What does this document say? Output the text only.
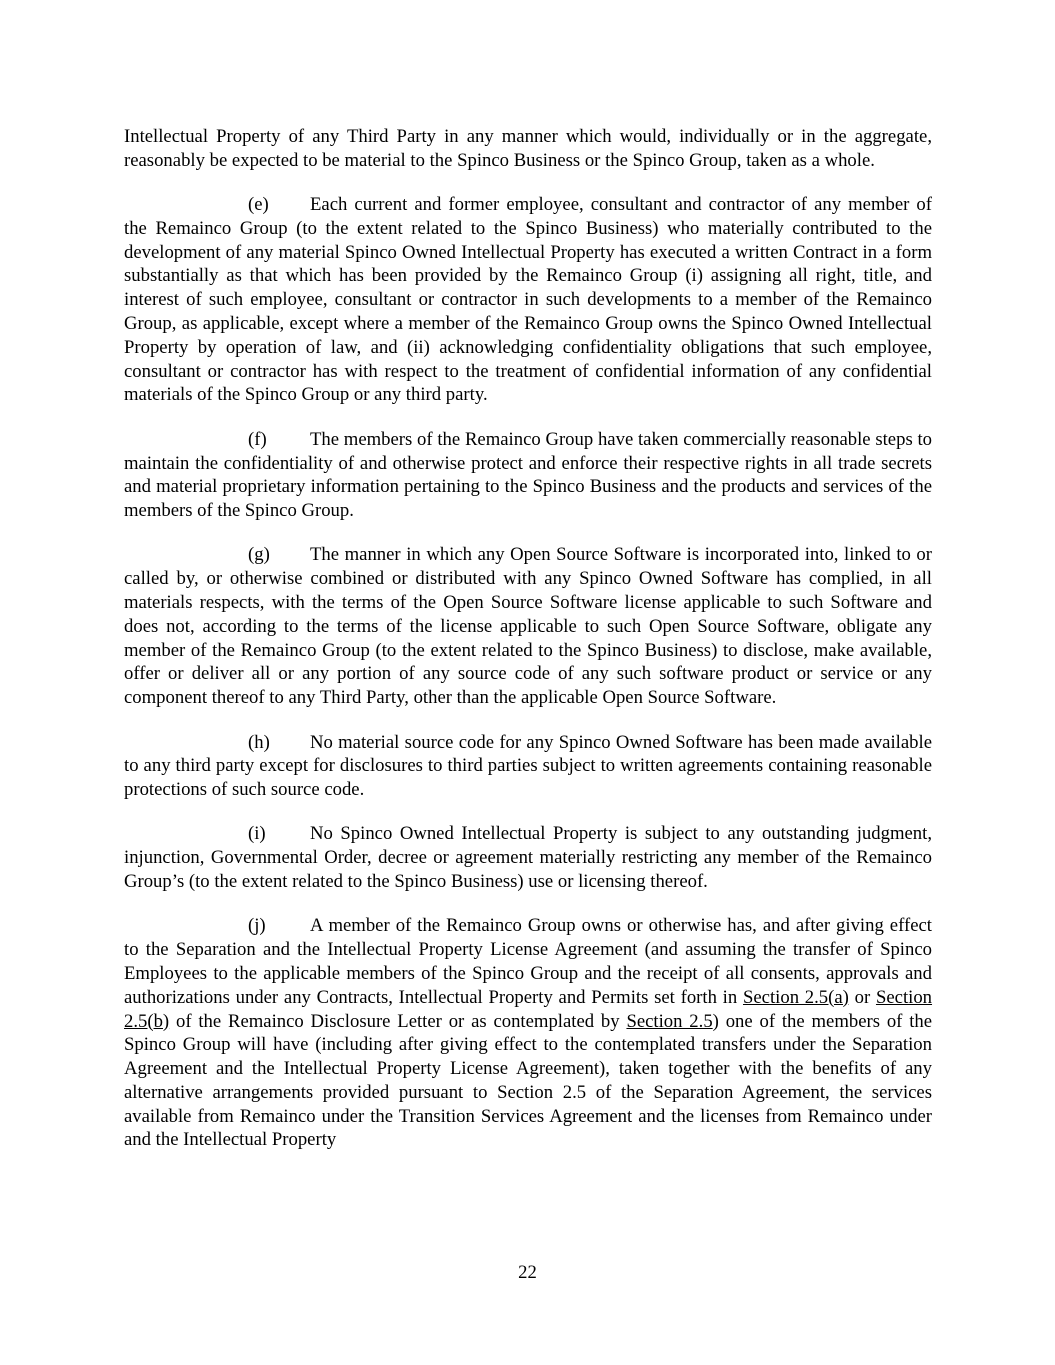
Intellectual Property of any Third Party in any manner which would, individually or in the aggregate, reasonably be expected to be material to the Spinco Business or the Spinco Group, taken as a whole.

(e) Each current and former employee, consultant and contractor of any member of the Remainco Group (to the extent related to the Spinco Business) who materially contributed to the development of any material Spinco Owned Intellectual Property has executed a written Contract in a form substantially as that which has been provided by the Remainco Group (i) assigning all right, title, and interest of such employee, consultant or contractor in such developments to a member of the Remainco Group, as applicable, except where a member of the Remainco Group owns the Spinco Owned Intellectual Property by operation of law, and (ii) acknowledging confidentiality obligations that such employee, consultant or contractor has with respect to the treatment of confidential information of any confidential materials of the Spinco Group or any third party.

(f) The members of the Remainco Group have taken commercially reasonable steps to maintain the confidentiality of and otherwise protect and enforce their respective rights in all trade secrets and material proprietary information pertaining to the Spinco Business and the products and services of the members of the Spinco Group.

(g) The manner in which any Open Source Software is incorporated into, linked to or called by, or otherwise combined or distributed with any Spinco Owned Software has complied, in all materials respects, with the terms of the Open Source Software license applicable to such Software and does not, according to the terms of the license applicable to such Open Source Software, obligate any member of the Remainco Group (to the extent related to the Spinco Business) to disclose, make available, offer or deliver all or any portion of any source code of any such software product or service or any component thereof to any Third Party, other than the applicable Open Source Software.

(h) No material source code for any Spinco Owned Software has been made available to any third party except for disclosures to third parties subject to written agreements containing reasonable protections of such source code.

(i) No Spinco Owned Intellectual Property is subject to any outstanding judgment, injunction, Governmental Order, decree or agreement materially restricting any member of the Remainco Group’s (to the extent related to the Spinco Business) use or licensing thereof.

(j) A member of the Remainco Group owns or otherwise has, and after giving effect to the Separation and the Intellectual Property License Agreement (and assuming the transfer of Spinco Employees to the applicable members of the Spinco Group and the receipt of all consents, approvals and authorizations under any Contracts, Intellectual Property and Permits set forth in Section 2.5(a) or Section 2.5(b) of the Remainco Disclosure Letter or as contemplated by Section 2.5) one of the members of the Spinco Group will have (including after giving effect to the contemplated transfers under the Separation Agreement and the Intellectual Property License Agreement), taken together with the benefits of any alternative arrangements provided pursuant to Section 2.5 of the Separation Agreement, the services available from Remainco under the Transition Services Agreement and the licenses from Remainco under and the Intellectual Property

22
